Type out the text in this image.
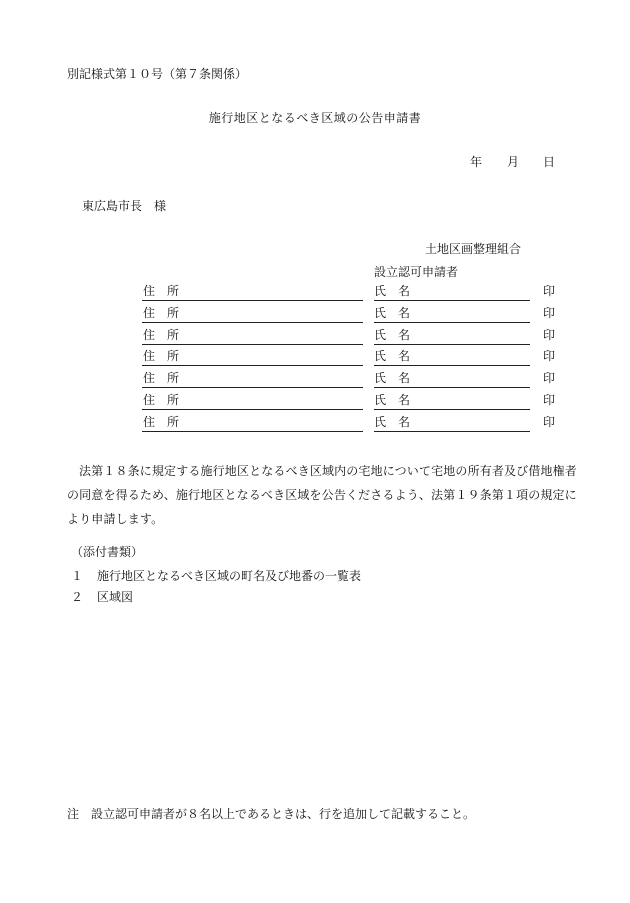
別記様式第１０号（第７条関係）
施行地区となるべき区域の公告申請書
年 月 日
東広島市長　様
土地区画整理組合
設立認可申請者
住　所	氏　名	印
住　所	氏　名	印
住　所	氏　名	印
住　所	氏　名	印
住　所	氏　名	印
住　所	氏　名	印
住　所	氏　名	印
法第１８条に規定する施行地区となるべき区域内の宅地について宅地の所有者及び借地権者の同意を得るため、施行地区となるべき区域を公告くださるよう、法第１９条第１項の規定により申請します。
（添付書類）
１ 施行地区となるべき区域の町名及び地番の一覧表
２ 区域図
注　設立認可申請者が８名以上であるときは、行を追加して記載すること。
